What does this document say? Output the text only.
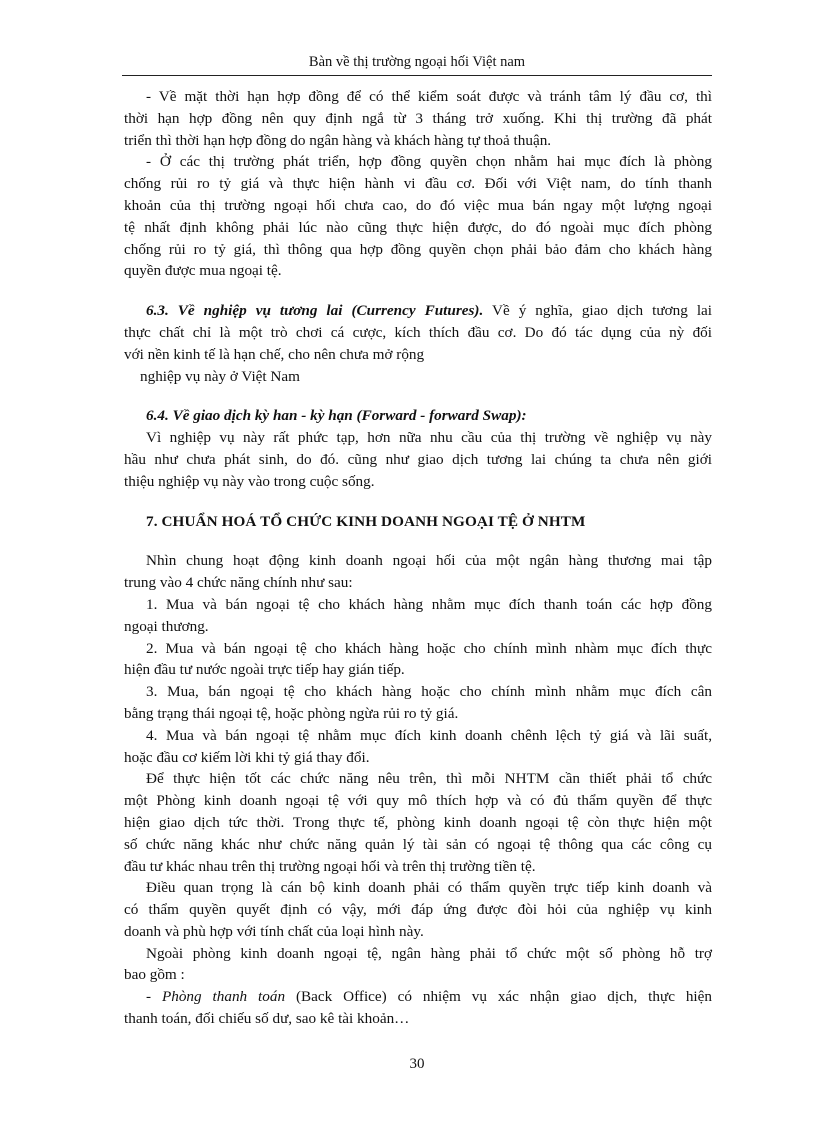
Bàn về thị trường ngoại hối Việt nam
- Về mặt thời hạn hợp đồng để có thể kiểm soát được và tránh tâm lý đầu cơ, thì
thời hạn hợp đồng nên quy định ngắ từ 3 tháng trở xuống. Khi thị trường đã phát
triển thì thời hạn hợp đồng do ngân hàng và khách hàng tự thoả thuận.
- Ở các thị trường phát triển, hợp đồng quyền chọn nhằm hai mục đích là phòng
chống rủi ro tỷ giá và thực hiện hành vi đầu cơ. Đối với Việt nam, do tính thanh
khoản của thị trường ngoại hối chưa cao, do đó việc mua bán ngay một lượng ngoại
tệ nhất định không phải lúc nào cũng thực hiện được, do đó ngoài mục đích phòng
chống rủi ro tỷ giá, thì thông qua hợp đồng quyền chọn phải bảo đảm cho khách hàng
quyền được mua ngoại tệ.
6.3. Về nghiệp vụ tương lai (Currency Futures). Về ý nghĩa, giao dịch tương lai
thực chất chỉ là một trò chơi cá cược, kích thích đầu cơ. Do đó tác dụng của nỳ đối
với nền kinh tế là hạn chế, cho nên chưa mở rộng
nghiệp vụ này ở Việt Nam
6.4. Về giao dịch kỳ han - kỳ hạn (Forward - forward Swap):
Vì nghiệp vụ này rất phức tạp, hơn nữa nhu cầu của thị trường về nghiệp vụ này
hầu như chưa phát sinh, do đó. cũng như giao dịch tương lai chúng ta chưa nên giới
thiệu nghiệp vụ này vào trong cuộc sống.
7. CHUẨN HOÁ TỔ CHỨC KINH DOANH NGOẠI TỆ Ở NHTM
Nhìn chung hoạt động kinh doanh ngoại hối của một ngân hàng thương mai tập
trung vào 4 chức năng chính như sau:
1. Mua và bán ngoại tệ cho khách hàng nhằm mục đích thanh toán các hợp đồng
ngoại thương.
2. Mua và bán ngoại tệ cho khách hàng hoặc cho chính mình nhàm mục đích thực
hiện đầu tư nước ngoài trực tiếp hay gián tiếp.
3. Mua, bán ngoại tệ cho khách hàng hoặc cho chính mình nhằm mục đích cân
bằng trạng thái ngoại tệ, hoặc phòng ngừa rủi ro tỷ giá.
4. Mua và bán ngoại tệ nhằm mục đích kinh doanh chênh lệch tỷ giá và lãi suất,
hoặc đầu cơ kiếm lời khi tỷ giá thay đổi.
Để thực hiện tốt các chức năng nêu trên, thì mỗi NHTM cần thiết phải tổ chức
một Phòng kinh doanh ngoại tệ với quy mô thích hợp và có đủ thẩm quyền để thực
hiện giao dịch tức thời. Trong thực tế, phòng kinh doanh ngoại tệ còn thực hiện một
số chức năng khác như chức năng quản lý tài sản có ngoại tệ thông qua các công cụ
đầu tư khác nhau trên thị trường ngoại hối và trên thị trường tiền tệ.
Điều quan trọng là cán bộ kinh doanh phải có thẩm quyền trực tiếp kinh doanh và
có thẩm quyền quyết định có vậy, mới đáp ứng được đòi hỏi của nghiệp vụ kinh
doanh và phù hợp với tính chất của loại hình này.
Ngoài phòng kinh doanh ngoại tệ, ngân hàng phải tổ chức một số phòng hỗ trợ
bao gồm :
- Phòng thanh toán (Back Office) có nhiệm vụ xác nhận giao dịch, thực hiện
thanh toán, đối chiếu số dư, sao kê tài khoản…
30
